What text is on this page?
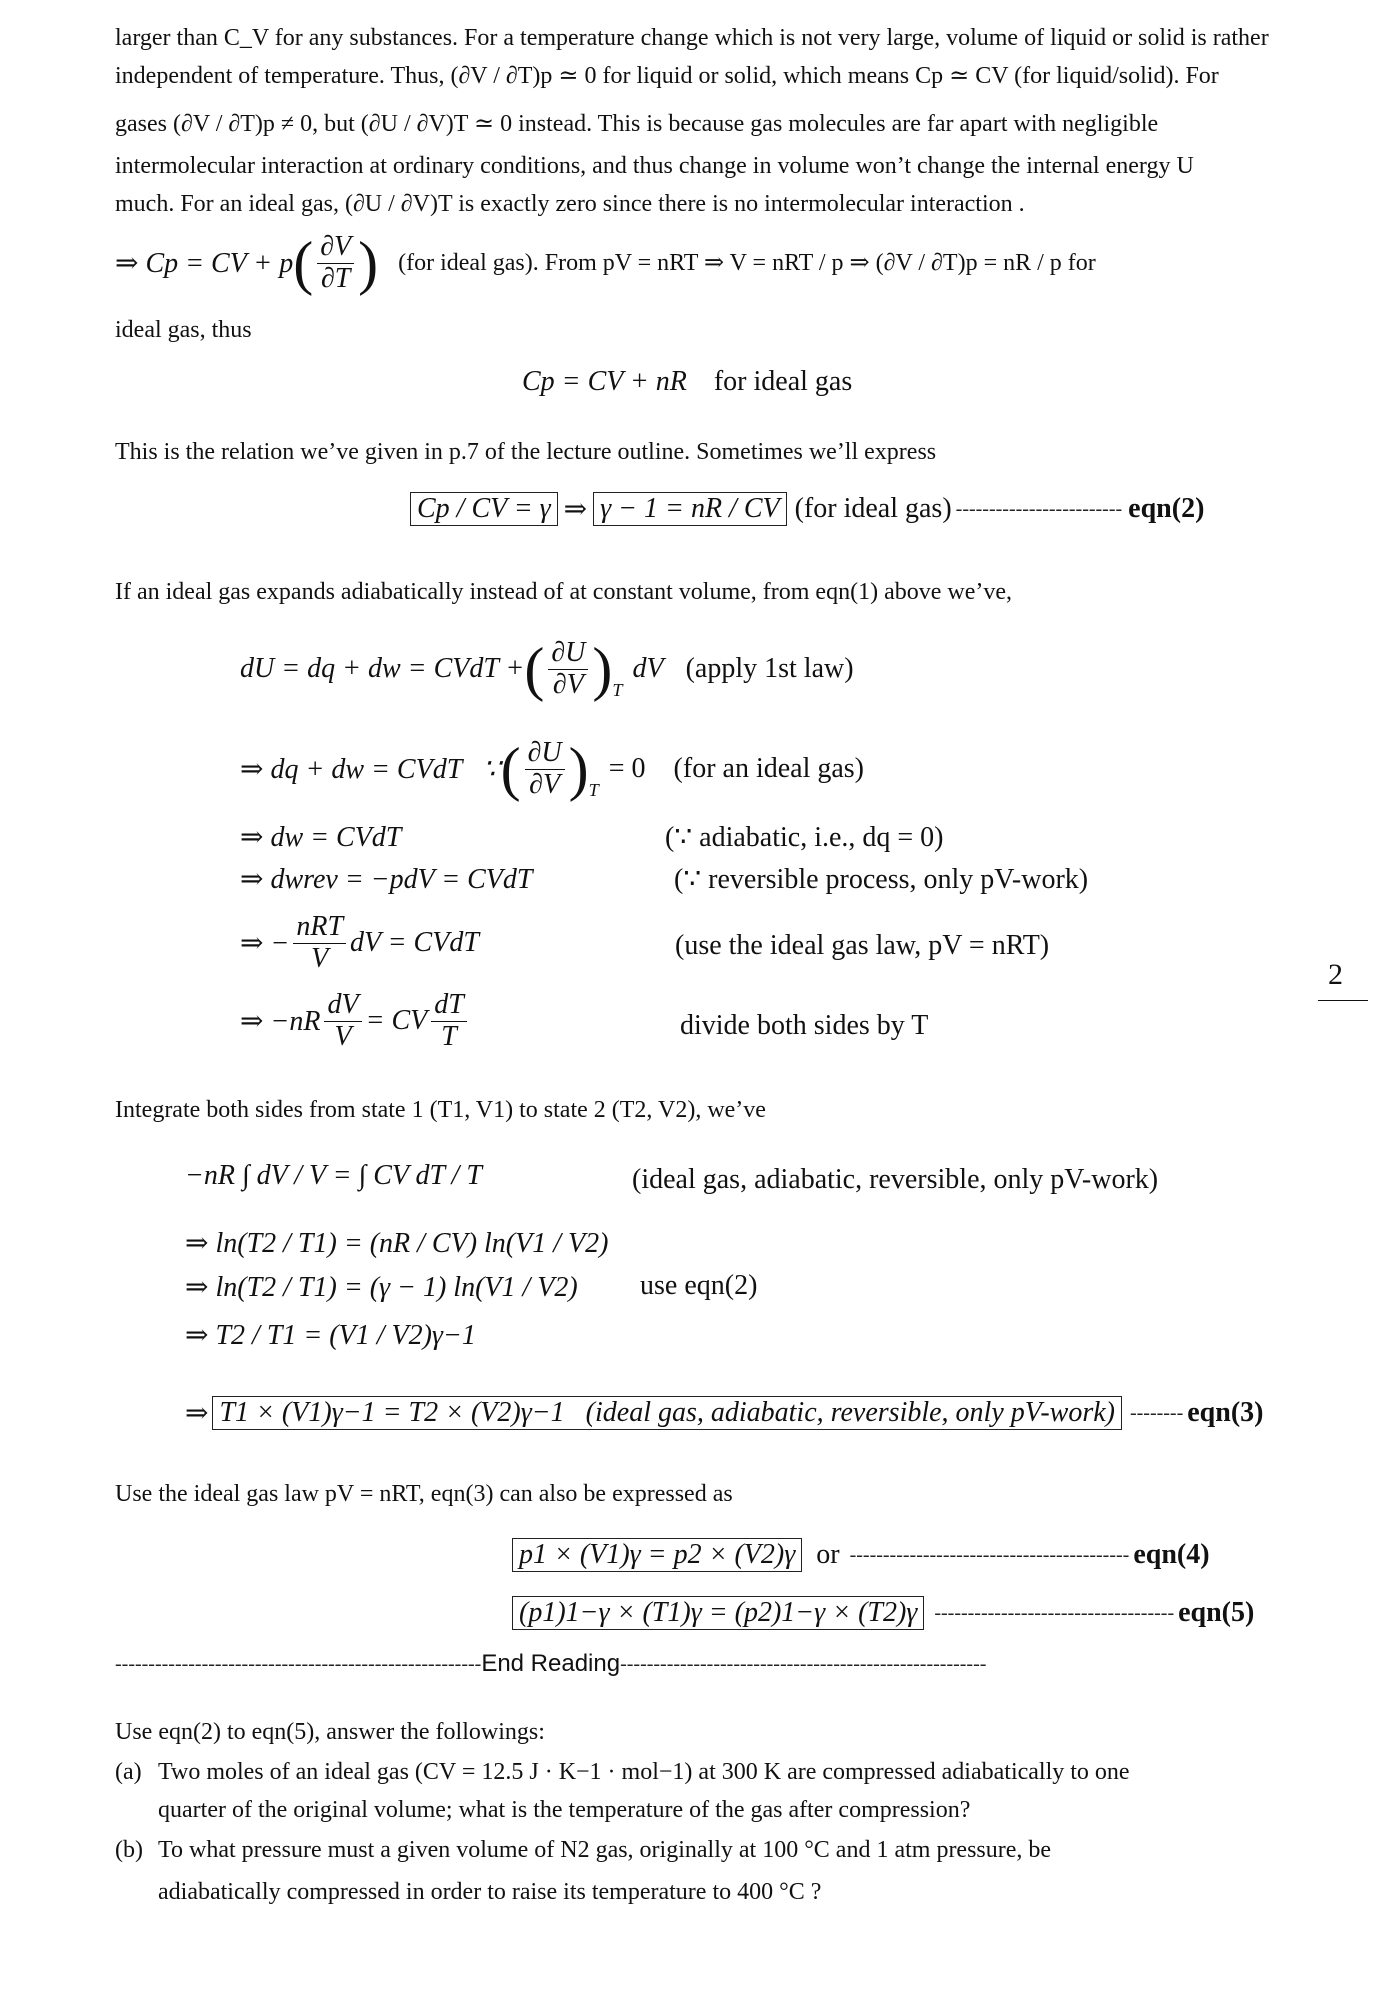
larger than C_V for any substances. For a temperature change which is not very large, volume of liquid or solid is rather
independent of temperature. Thus, (∂V / ∂T)p ≃ 0 for liquid or solid, which means Cp ≃ CV (for liquid/solid). For
gases (∂V / ∂T)p ≠ 0, but (∂U / ∂V)T ≃ 0 instead. This is because gas molecules are far apart with negligible
intermolecular interaction at ordinary conditions, and thus change in volume won’t change the internal energy U
much. For an ideal gas, (∂U / ∂V)T is exactly zero since there is no intermolecular interaction .
⇒ Cp = CV + p ( $\frac{\partial V}{\partial T}$ ) (for ideal gas). From pV = nRT ⇒ V = nRT / p ⇒ (∂V / ∂T)p = nR / p for
ideal gas, thus
Cp = CV + nR for ideal gas
This is the relation we’ve given in p.7 of the lecture outline. Sometimes we’ll express
Cp / CV = γ ⇒ γ − 1 = nR / CV (for ideal gas) ------------------------- eqn(2)
If an ideal gas expands adiabatically instead of at constant volume, from eqn(1) above we’ve,
dU = dq + dw = CVdT + ( $\frac{\partial U}{\partial V} )_T$
dV (apply 1st law)
⇒ dq + dw = CVdT   ∵ ( $\frac{\partial U}{\partial V} )_T$
= 0 (for an ideal gas)
⇒ dw = CVdT	(∵ adiabatic, i.e., dq = 0)
⇒ dwrev = −pdV = CVdT	(∵ reversible process, only pV-work)
⇒ − $\frac{\text{nRT}}{V}$ dV = CVdT	(use the ideal gas law, pV = nRT)
⇒ $-nR \frac{dV}{V}$ = CV $\frac{dT}{T}$	divide both sides by T
2
Integrate both sides from state 1 (T1, V1) to state 2 (T2, V2), we’ve
−nR ∫ dV / V = ∫ CV dT / T	(ideal gas, adiabatic, reversible, only pV-work)
⇒ ln(T2 / T1) = (nR / CV) ln(V1 / V2)
⇒ ln(T2 / T1) = (γ − 1) ln(V1 / V2) use eqn(2)
⇒ T2 / T1 = (V1 / V2)γ−1
⇒ T1 × (V1)γ−1 = T2 × (V2)γ−1   (ideal gas, adiabatic, reversible, only pV-work) -------- eqn(3)
Use the ideal gas law pV = nRT, eqn(3) can also be expressed as
p1 × (V1)γ = p2 × (V2)γ or ------------------------------------------ eqn(4)
(p1)1−γ × (T1)γ = (p2)1−γ × (T2)γ ------------------------------------ eqn(5)
------------------------------------------------------- End Reading -------------------------------------------------------
Use eqn(2) to eqn(5), answer the followings:
(a) Two moles of an ideal gas (CV = 12.5 J · K−1 · mol−1) at 300 K are compressed adiabatically to one
quarter of the original volume; what is the temperature of the gas after compression?
(b) To what pressure must a given volume of N2 gas, originally at 100 °C and 1 atm pressure, be
adiabatically compressed in order to raise its temperature to 400 °C ?
